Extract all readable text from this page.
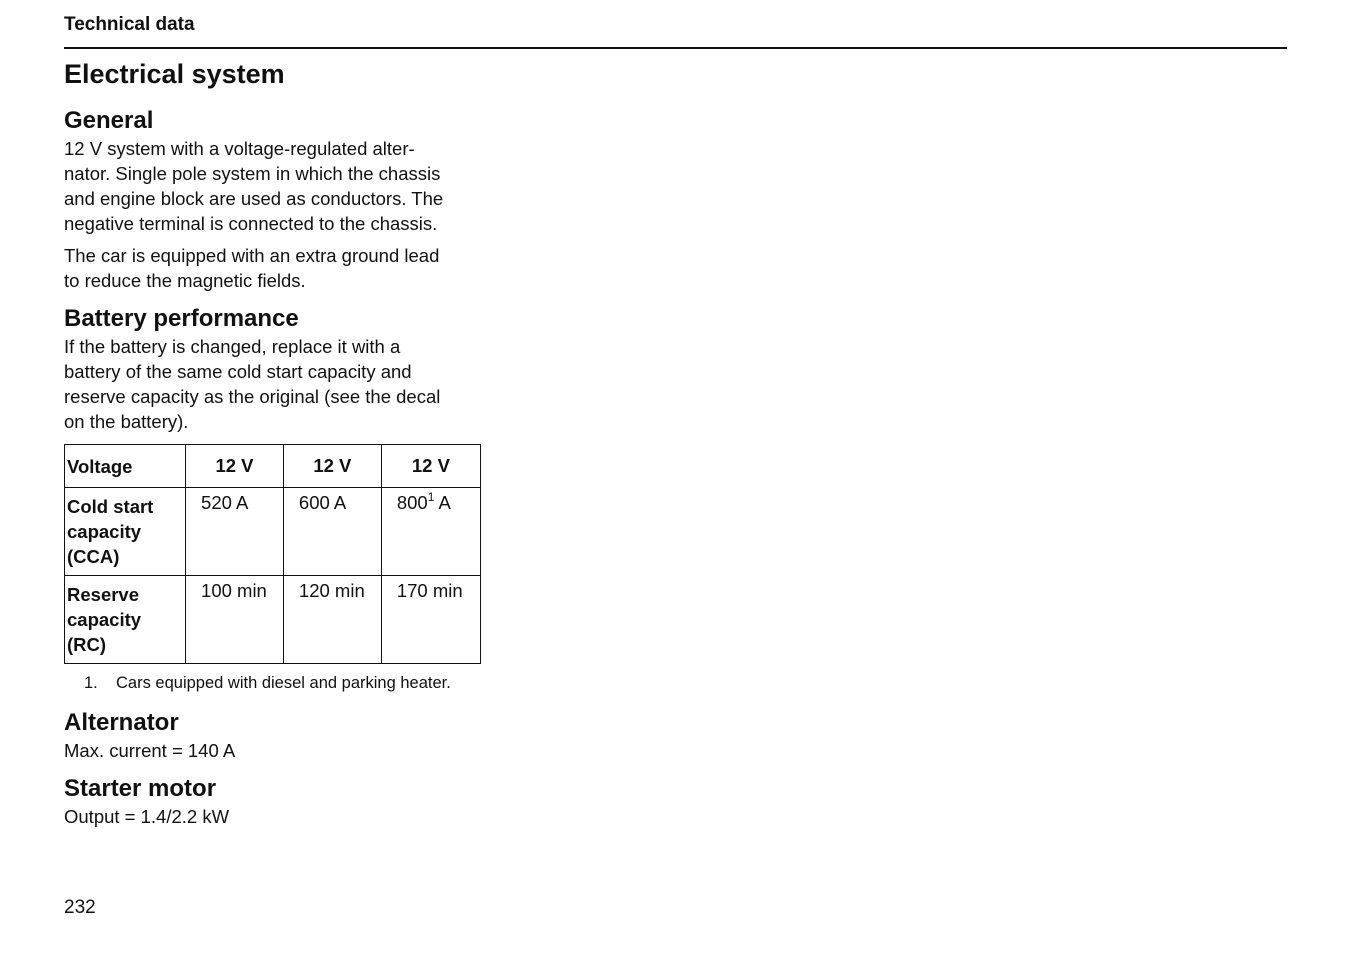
Technical data
Electrical system
General

12 V system with a voltage-regulated alter-nator. Single pole system in which the chassis and engine block are used as conductors. The negative terminal is connected to the chassis.

The car is equipped with an extra ground lead to reduce the magnetic fields.

Battery performance

If the battery is changed, replace it with a battery of the same cold start capacity and reserve capacity as the original (see the decal on the battery).

Voltage	12 V	12 V	12 V
Cold start capacity (CCA)	520 A	600 A	$800^1$ A
Reserve capacity (RC)	100 min	120 min	170 min
1. Cars equipped with diesel and parking heater.
Alternator

Max. current = 140 A

Starter motor

Output = 1.4/2.2 kW

232
